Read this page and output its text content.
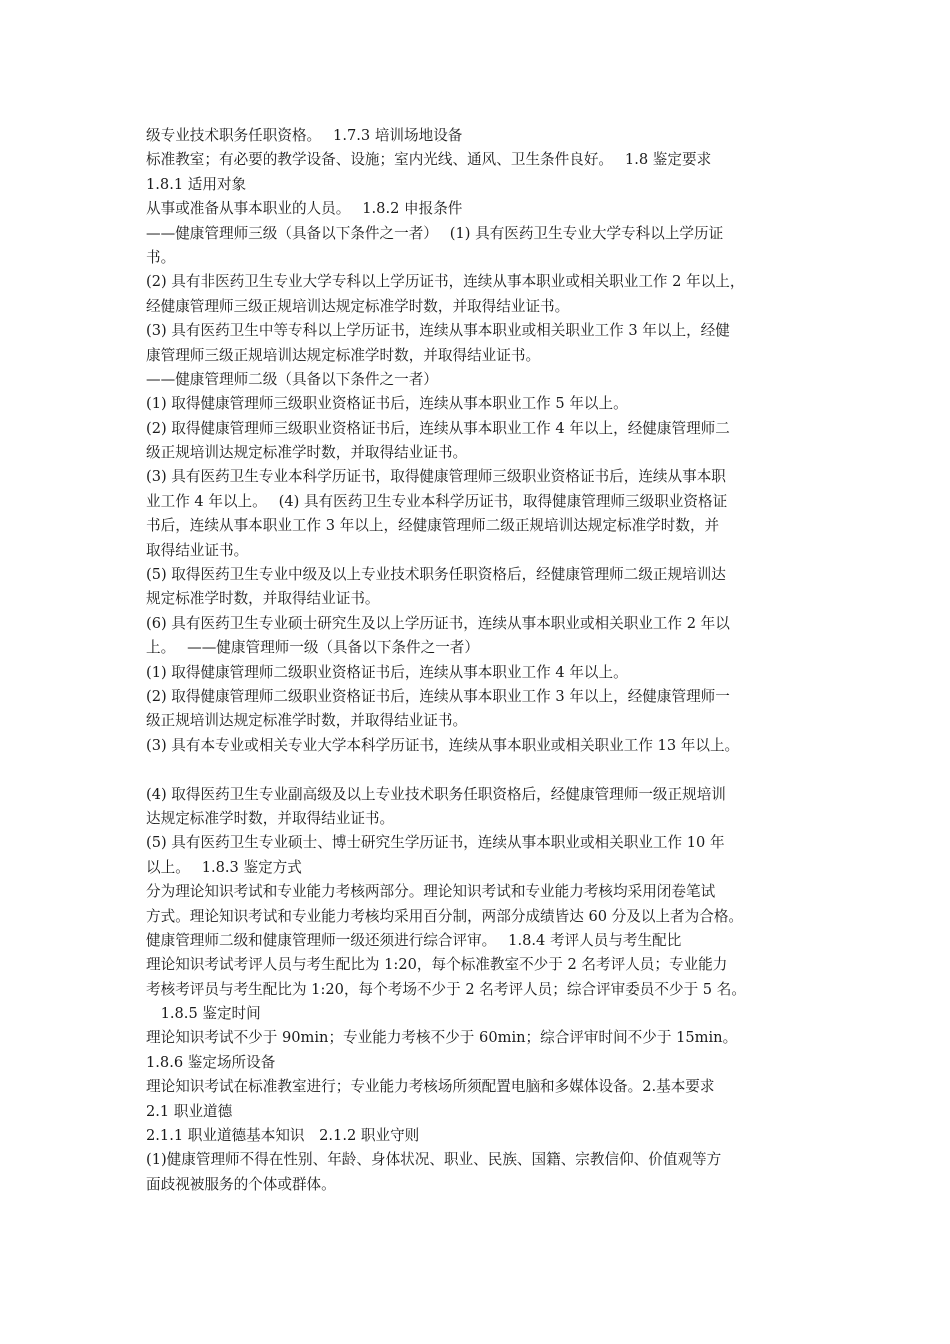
级专业技术职务任职资格。　 1.7.3 培训场地设备
标准教室；有必要的教学设备、设施；室内光线、通风、卫生条件良好。　 1.8 鉴定要求
1.8.1 适用对象
从事或准备从事本职业的人员。　 1.8.2 申报条件
——健康管理师三级（具备以下条件之一者）　 (1) 具有医药卫生专业大学专科以上学历证
书。
(2) 具有非医药卫生专业大学专科以上学历证书，连续从事本职业或相关职业工作 2 年以上，
经健康管理师三级正规培训达规定标准学时数，并取得结业证书。
(3) 具有医药卫生中等专科以上学历证书，连续从事本职业或相关职业工作 3 年以上，经健
康管理师三级正规培训达规定标准学时数，并取得结业证书。
——健康管理师二级（具备以下条件之一者）
(1) 取得健康管理师三级职业资格证书后，连续从事本职业工作 5 年以上。
(2) 取得健康管理师三级职业资格证书后，连续从事本职业工作 4 年以上，经健康管理师二
级正规培训达规定标准学时数，并取得结业证书。
(3) 具有医药卫生专业本科学历证书，取得健康管理师三级职业资格证书后，连续从事本职
业工作 4 年以上。　 (4) 具有医药卫生专业本科学历证书，取得健康管理师三级职业资格证
书后，连续从事本职业工作 3 年以上，经健康管理师二级正规培训达规定标准学时数，并
取得结业证书。
(5) 取得医药卫生专业中级及以上专业技术职务任职资格后，经健康管理师二级正规培训达
规定标准学时数，并取得结业证书。
(6) 具有医药卫生专业硕士研究生及以上学历证书，连续从事本职业或相关职业工作 2 年以
上。　 ——健康管理师一级（具备以下条件之一者）
(1) 取得健康管理师二级职业资格证书后，连续从事本职业工作 4 年以上。
(2) 取得健康管理师二级职业资格证书后，连续从事本职业工作 3 年以上，经健康管理师一
级正规培训达规定标准学时数，并取得结业证书。
(3) 具有本专业或相关专业大学本科学历证书，连续从事本职业或相关职业工作 13 年以上。
(4) 取得医药卫生专业副高级及以上专业技术职务任职资格后，经健康管理师一级正规培训
达规定标准学时数，并取得结业证书。
(5) 具有医药卫生专业硕士、博士研究生学历证书，连续从事本职业或相关职业工作 10 年
以上。　 1.8.3 鉴定方式
分为理论知识考试和专业能力考核两部分。理论知识考试和专业能力考核均采用闭卷笔试
方式。理论知识考试和专业能力考核均采用百分制，两部分成绩皆达 60 分及以上者为合格。
健康管理师二级和健康管理师一级还须进行综合评审。　 1.8.4 考评人员与考生配比
理论知识考试考评人员与考生配比为 1:20，每个标准教室不少于 2 名考评人员；专业能力
考核考评员与考生配比为 1:20，每个考场不少于 2 名考评人员；综合评审委员不少于 5 名。
　1.8.5 鉴定时间
理论知识考试不少于 90min；专业能力考核不少于 60min；综合评审时间不少于 15min。
1.8.6 鉴定场所设备
理论知识考试在标准教室进行；专业能力考核场所须配置电脑和多媒体设备。2.基本要求
2.1 职业道德
2.1.1 职业道德基本知识　2.1.2 职业守则
(1)健康管理师不得在性别、年龄、身体状况、职业、民族、国籍、宗教信仰、价值观等方
面歧视被服务的个体或群体。
